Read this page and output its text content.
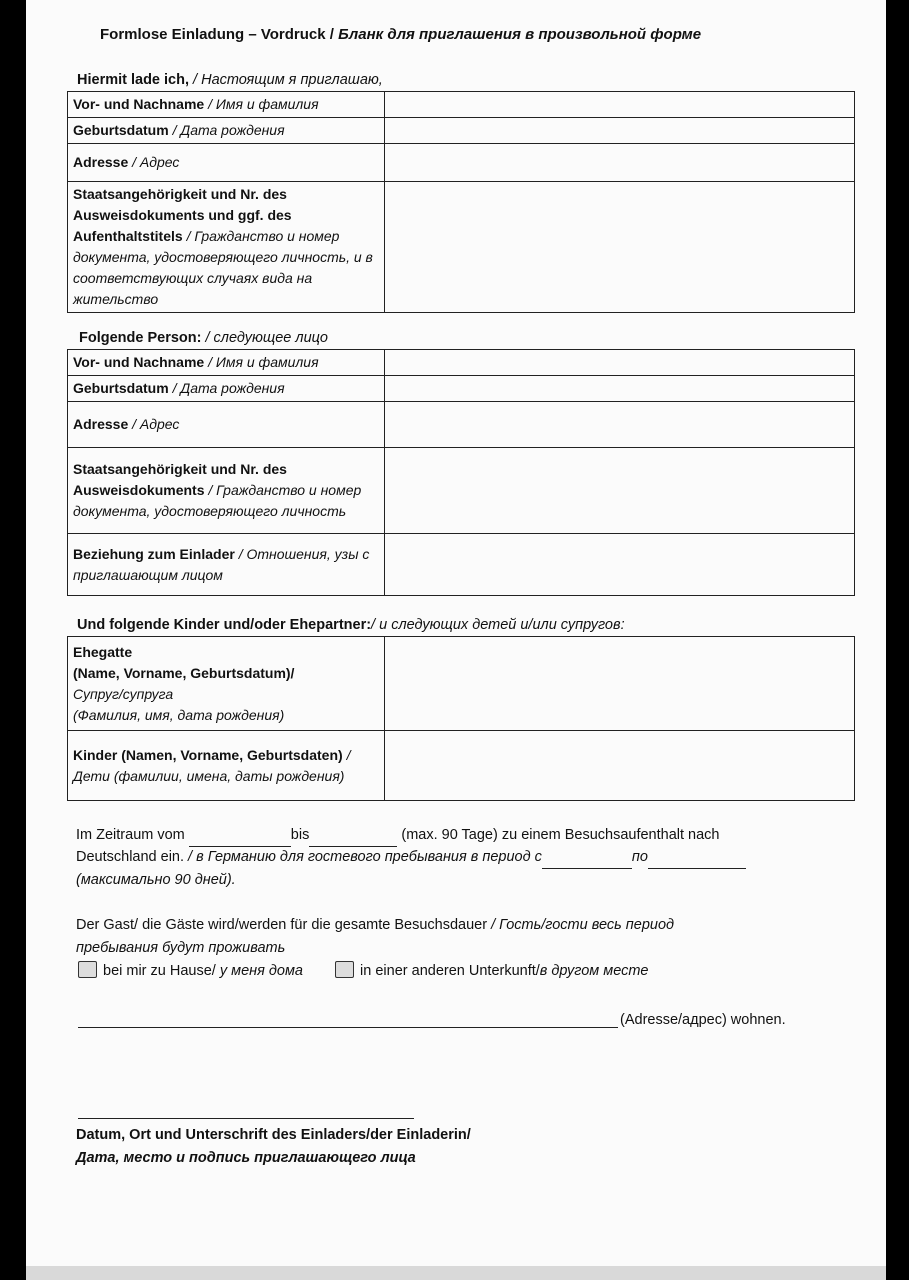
Formlose Einladung – Vordruck / Бланк для приглашения в произвольной форме
Hiermit lade ich, / Настоящим я приглашаю,
Vor- und Nachname / Имя и фамилия	
Geburtsdatum / Дата рождения	
Adresse / Адрес	
Staatsangehörigkeit und Nr. des Ausweisdokuments und ggf. des Aufenthaltstitels / Гражданство и номер документа, удостоверяющего личность, и в соответствующих случаях вида на жительство	
Folgende Person: / следующее лицо
Vor- und Nachname / Имя и фамилия	
Geburtsdatum / Дата рождения	
Adresse / Адрес	
Staatsangehörigkeit und Nr. des Ausweisdokuments / Гражданство и номер документа, удостоверяющего личность	
Beziehung zum Einlader / Отношения, узы с приглашающим лицом	
Und folgende Kinder und/oder Ehepartner:/ и следующих детей и/или супругов:
Ehegatte
(Name, Vorname, Geburtsdatum)/
Супруг/супруга
(Фамилия, имя, дата рождения)	

Kinder (Namen, Vorname, Geburtsdaten) / Дети (фамилии, имена, даты рождения)	
Im Zeitraum vom	bis	(max. 90 Tage) zu einem Besuchsaufenthalt nach
Deutschland ein. / в Германию для гостевого пребывания в период с	по
(максимально 90 дней).
Der Gast/ die Gäste wird/werden für die gesamte Besuchsdauer / Гость/гости весь период
пребывания будут проживать
bei mir zu Hause/ у меня дома	in einer anderen Unterkunft/в другом месте
(Adresse/адрес) wohnen.
Datum, Ort und Unterschrift des Einladers/der Einladerin/
Дата, место и подпись приглашающего лица
